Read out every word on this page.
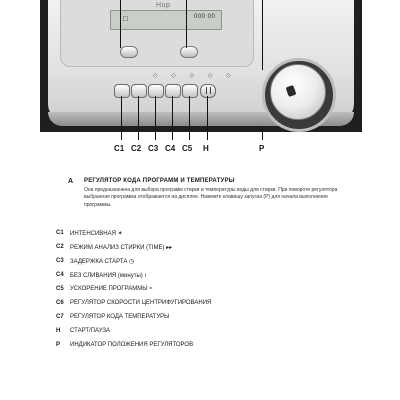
Hup
□	000 00
◇ ◇ ◇ ◇ ◇
C1 C2 C3 C4 C5 H	P
A РЕГУЛЯТОР КОДА ПРОГРАММ И ТЕМПЕРАТУРЫ
Она предназначена для выбора программ стирки и температуры воды для стирки. При повороте регулятора выбранная программа отображается на дисплее. Нажмите клавишу запуска (P) для начала выполнения программы.
C1 ИНТЕНСИВНАЯ ✶
C2 РЕЖИМ АНАЛИЗ СТИРКИ (TIME) ▸▸
C3 ЗАДЕРЖКА СТАРТА ◷
C4 БЕЗ СЛИВАНИЯ (минуты) ≀
C5 УСКОРЕНИЕ ПРОГРАММЫ ≈
C6 РЕГУЛЯТОР СКОРОСТИ ЦЕНТРИФУГИРОВАНИЯ
C7 РЕГУЛЯТОР КОДА ТЕМПЕРАТУРЫ
H СТАРТ/ПАУЗА
P ИНДИКАТОР ПОЛОЖЕНИЯ РЕГУЛЯТОРОВ
